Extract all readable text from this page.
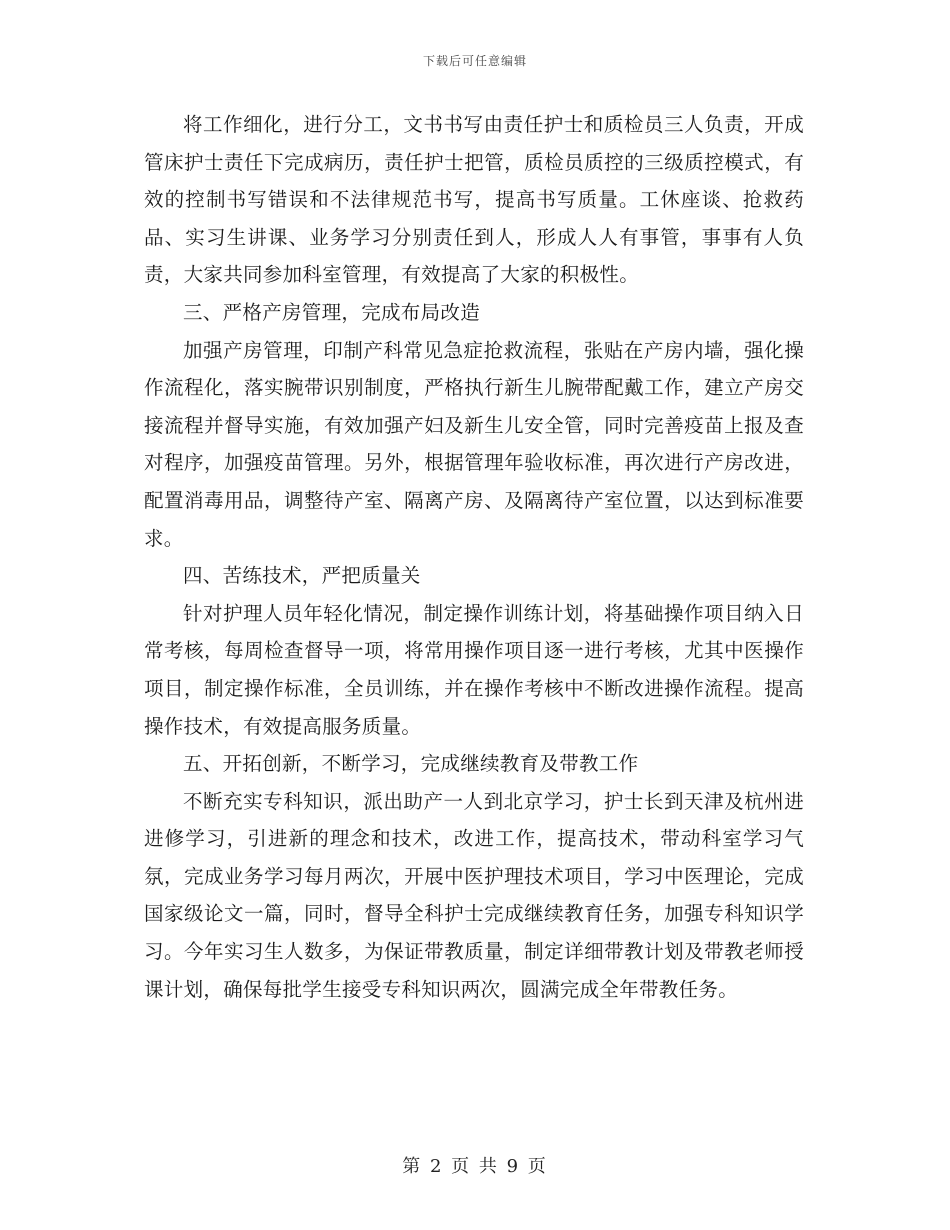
下载后可任意编辑

将工作细化，进行分工，文书书写由责任护士和质检员三人负责，开成管床护士责任下完成病历，责任护士把管，质检员质控的三级质控模式，有效的控制书写错误和不法律规范书写，提高书写质量。工休座谈、抢救药品、实习生讲课、业务学习分别责任到人，形成人人有事管，事事有人负责，大家共同参加科室管理，有效提高了大家的积极性。

三、严格产房管理，完成布局改造

加强产房管理，印制产科常见急症抢救流程，张贴在产房内墙，强化操作流程化，落实腕带识别制度，严格执行新生儿腕带配戴工作，建立产房交接流程并督导实施，有效加强产妇及新生儿安全管，同时完善疫苗上报及查对程序，加强疫苗管理。另外，根据管理年验收标准，再次进行产房改进，配置消毒用品，调整待产室、隔离产房、及隔离待产室位置，以达到标准要求。

四、苦练技术，严把质量关

针对护理人员年轻化情况，制定操作训练计划，将基础操作项目纳入日常考核，每周检查督导一项，将常用操作项目逐一进行考核，尤其中医操作项目，制定操作标准，全员训练，并在操作考核中不断改进操作流程。提高操作技术，有效提高服务质量。

五、开拓创新，不断学习，完成继续教育及带教工作

不断充实专科知识，派出助产一人到北京学习，护士长到天津及杭州进进修学习，引进新的理念和技术，改进工作，提高技术，带动科室学习气氛，完成业务学习每月两次，开展中医护理技术项目，学习中医理论，完成国家级论文一篇，同时，督导全科护士完成继续教育任务，加强专科知识学习。今年实习生人数多，为保证带教质量，制定详细带教计划及带教老师授课计划，确保每批学生接受专科知识两次，圆满完成全年带教任务。

第 2 页 共 9 页
